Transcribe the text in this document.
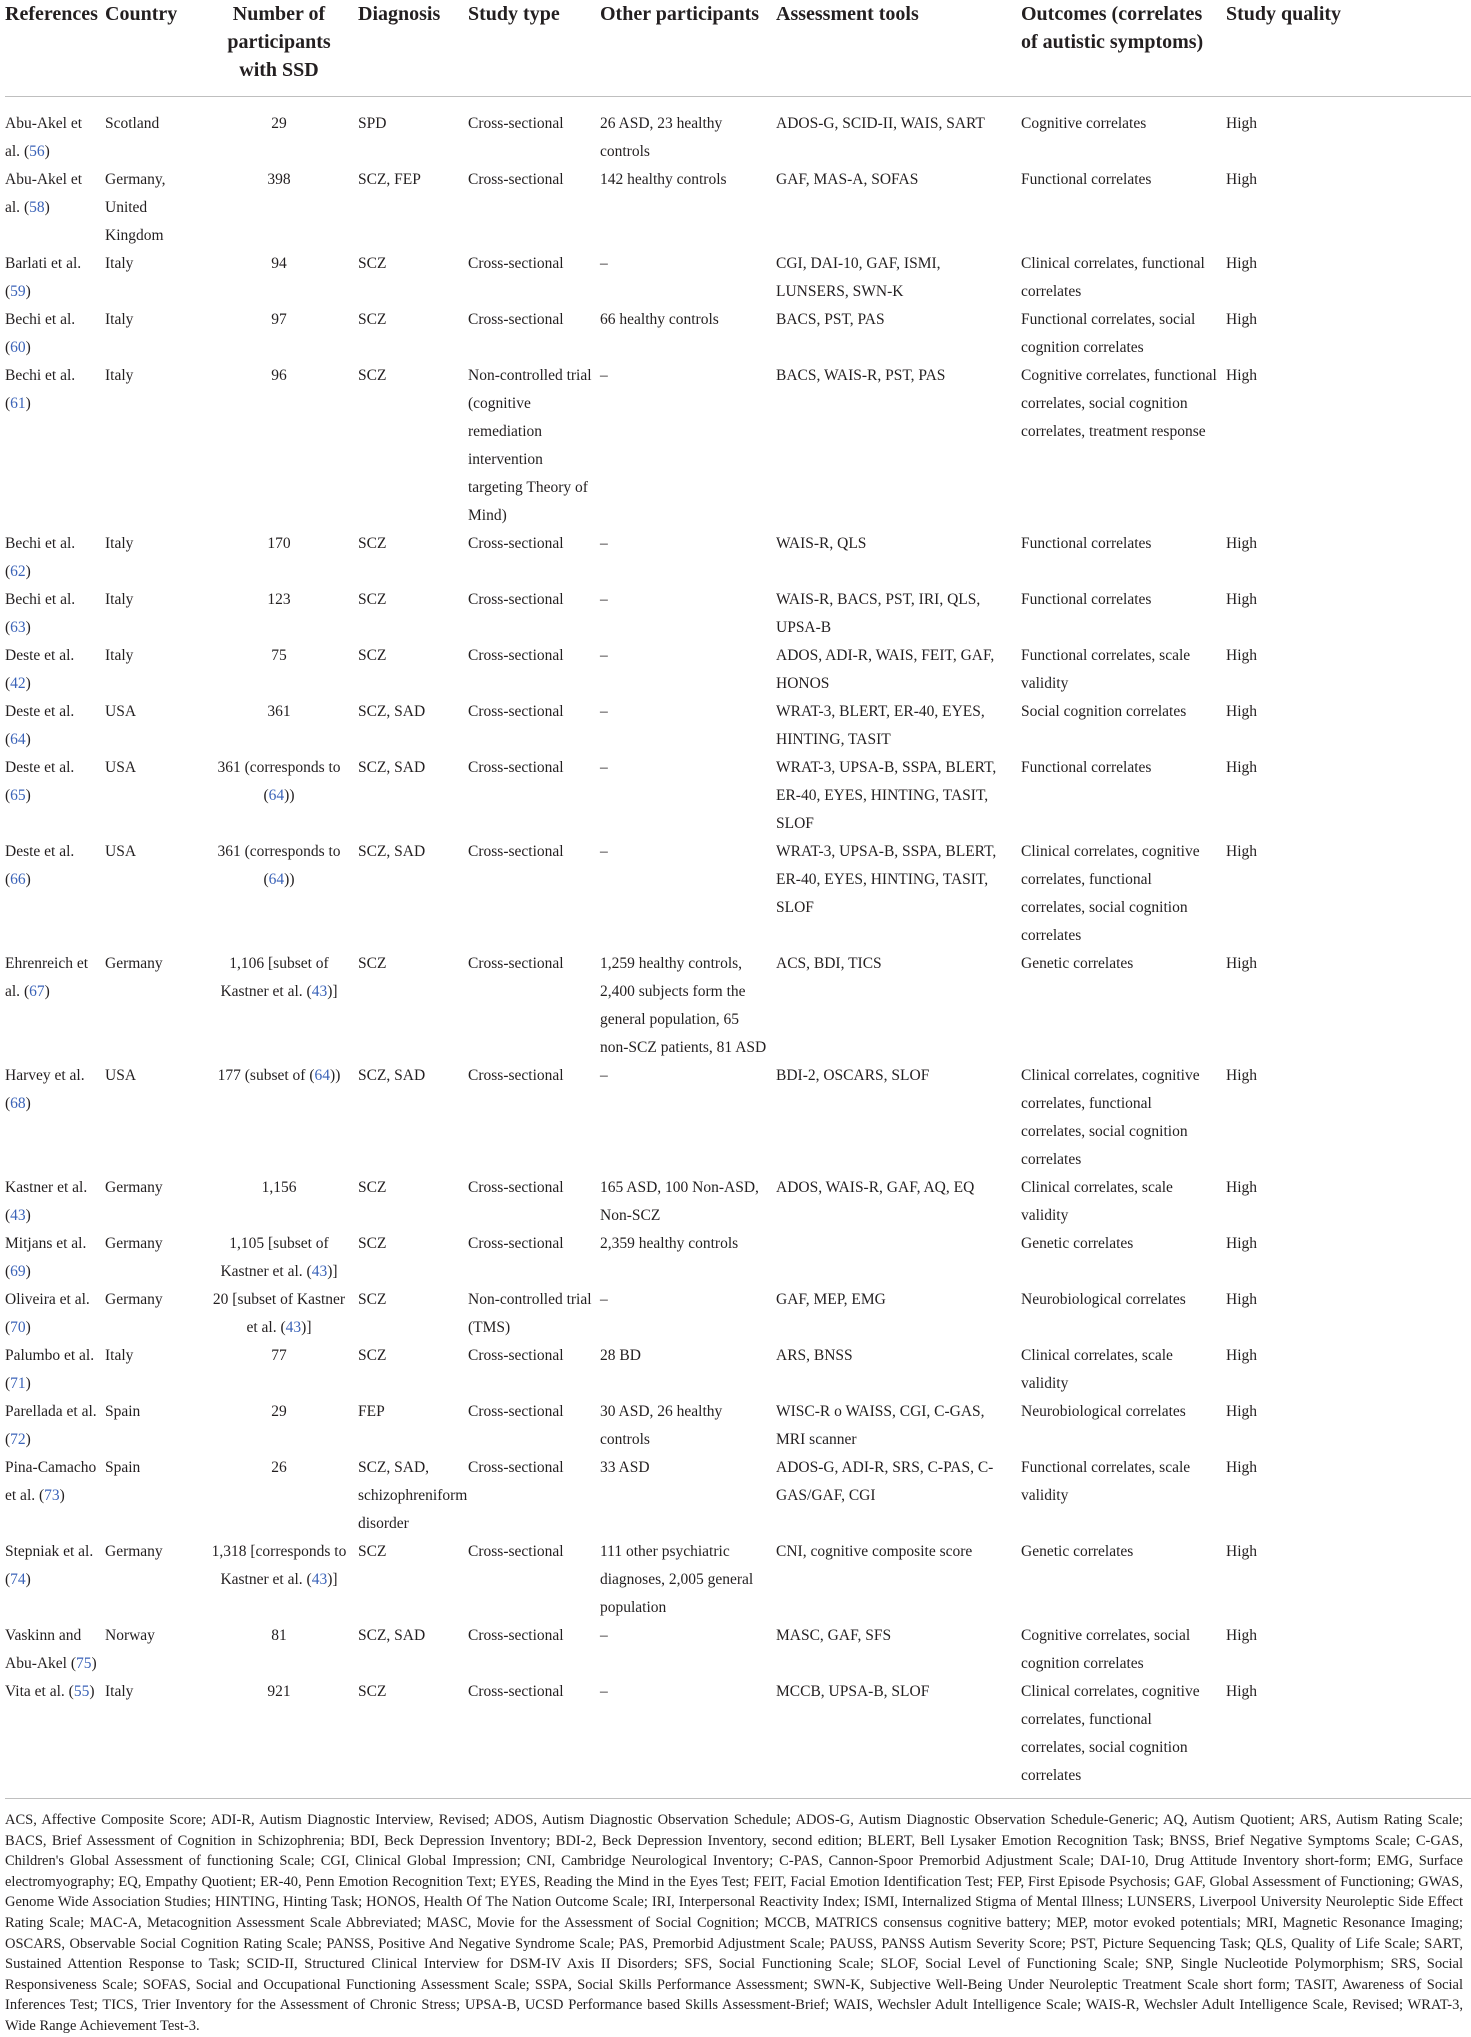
References	Country	Number of participants with SSD	Diagnosis	Study type	Other participants	Assessment tools	Outcomes (correlates of autistic symptoms)	Study quality
Abu-Akel et al. (56)	Scotland	29	SPD	Cross-sectional	26 ASD, 23 healthy controls	ADOS-G, SCID-II, WAIS, SART	Cognitive correlates	High
Abu-Akel et al. (58)	Germany, United Kingdom	398	SCZ, FEP	Cross-sectional	142 healthy controls	GAF, MAS-A, SOFAS	Functional correlates	High
Barlati et al. (59)	Italy	94	SCZ	Cross-sectional	–	CGI, DAI-10, GAF, ISMI, LUNSERS, SWN-K	Clinical correlates, functional correlates	High
Bechi et al. (60)	Italy	97	SCZ	Cross-sectional	66 healthy controls	BACS, PST, PAS	Functional correlates, social cognition correlates	High
Bechi et al. (61)	Italy	96	SCZ	Non-controlled trial (cognitive remediation intervention targeting Theory of Mind)	–	BACS, WAIS-R, PST, PAS	Cognitive correlates, functional correlates, social cognition correlates, treatment response	High
Bechi et al. (62)	Italy	170	SCZ	Cross-sectional	–	WAIS-R, QLS	Functional correlates	High
Bechi et al. (63)	Italy	123	SCZ	Cross-sectional	–	WAIS-R, BACS, PST, IRI, QLS, UPSA-B	Functional correlates	High
Deste et al. (42)	Italy	75	SCZ	Cross-sectional	–	ADOS, ADI-R, WAIS, FEIT, GAF, HONOS	Functional correlates, scale validity	High
Deste et al. (64)	USA	361	SCZ, SAD	Cross-sectional	–	WRAT-3, BLERT, ER-40, EYES, HINTING, TASIT	Social cognition correlates	High
Deste et al. (65)	USA	361 (corresponds to (64))	SCZ, SAD	Cross-sectional	–	WRAT-3, UPSA-B, SSPA, BLERT, ER-40, EYES, HINTING, TASIT, SLOF	Functional correlates	High
Deste et al. (66)	USA	361 (corresponds to (64))	SCZ, SAD	Cross-sectional	–	WRAT-3, UPSA-B, SSPA, BLERT, ER-40, EYES, HINTING, TASIT, SLOF	Clinical correlates, cognitive correlates, functional correlates, social cognition correlates	High
Ehrenreich et al. (67)	Germany	1,106 [subset of Kastner et al. (43)]	SCZ	Cross-sectional	1,259 healthy controls, 2,400 subjects form the general population, 65 non-SCZ patients, 81 ASD	ACS, BDI, TICS	Genetic correlates	High
Harvey et al. (68)	USA	177 (subset of (64))	SCZ, SAD	Cross-sectional	–	BDI-2, OSCARS, SLOF	Clinical correlates, cognitive correlates, functional correlates, social cognition correlates	High
Kastner et al. (43)	Germany	1,156	SCZ	Cross-sectional	165 ASD, 100 Non-ASD, Non-SCZ	ADOS, WAIS-R, GAF, AQ, EQ	Clinical correlates, scale validity	High
Mitjans et al. (69)	Germany	1,105 [subset of Kastner et al. (43)]	SCZ	Cross-sectional	2,359 healthy controls		Genetic correlates	High
Oliveira et al. (70)	Germany	20 [subset of Kastner et al. (43)]	SCZ	Non-controlled trial (TMS)	–	GAF, MEP, EMG	Neurobiological correlates	High
Palumbo et al. (71)	Italy	77	SCZ	Cross-sectional	28 BD	ARS, BNSS	Clinical correlates, scale validity	High
Parellada et al. (72)	Spain	29	FEP	Cross-sectional	30 ASD, 26 healthy controls	WISC-R o WAISS, CGI, C-GAS, MRI scanner	Neurobiological correlates	High
Pina-Camacho et al. (73)	Spain	26	SCZ, SAD, schizophreniform disorder	Cross-sectional	33 ASD	ADOS-G, ADI-R, SRS, C-PAS, C-GAS/GAF, CGI	Functional correlates, scale validity	High
Stepniak et al. (74)	Germany	1,318 [corresponds to Kastner et al. (43)]	SCZ	Cross-sectional	111 other psychiatric diagnoses, 2,005 general population	CNI, cognitive composite score	Genetic correlates	High
Vaskinn and Abu-Akel (75)	Norway	81	SCZ, SAD	Cross-sectional	–	MASC, GAF, SFS	Cognitive correlates, social cognition correlates	High
Vita et al. (55)	Italy	921	SCZ	Cross-sectional	–	MCCB, UPSA-B, SLOF	Clinical correlates, cognitive correlates, functional correlates, social cognition correlates	High
ACS, Affective Composite Score; ADI-R, Autism Diagnostic Interview, Revised; ADOS, Autism Diagnostic Observation Schedule; ADOS-G, Autism Diagnostic Observation Schedule-Generic; AQ, Autism Quotient; ARS, Autism Rating Scale; BACS, Brief Assessment of Cognition in Schizophrenia; BDI, Beck Depression Inventory; BDI-2, Beck Depression Inventory, second edition; BLERT, Bell Lysaker Emotion Recognition Task; BNSS, Brief Negative Symptoms Scale; C-GAS, Children's Global Assessment of functioning Scale; CGI, Clinical Global Impression; CNI, Cambridge Neurological Inventory; C-PAS, Cannon-Spoor Premorbid Adjustment Scale; DAI-10, Drug Attitude Inventory short-form; EMG, Surface electromyography; EQ, Empathy Quotient; ER-40, Penn Emotion Recognition Text; EYES, Reading the Mind in the Eyes Test; FEIT, Facial Emotion Identification Test; FEP, First Episode Psychosis; GAF, Global Assessment of Functioning; GWAS, Genome Wide Association Studies; HINTING, Hinting Task; HONOS, Health Of The Nation Outcome Scale; IRI, Interpersonal Reactivity Index; ISMI, Internalized Stigma of Mental Illness; LUNSERS, Liverpool University Neuroleptic Side Effect Rating Scale; MAC-A, Metacognition Assessment Scale Abbreviated; MASC, Movie for the Assessment of Social Cognition; MCCB, MATRICS consensus cognitive battery; MEP, motor evoked potentials; MRI, Magnetic Resonance Imaging; OSCARS, Observable Social Cognition Rating Scale; PANSS, Positive And Negative Syndrome Scale; PAS, Premorbid Adjustment Scale; PAUSS, PANSS Autism Severity Score; PST, Picture Sequencing Task; QLS, Quality of Life Scale; SART, Sustained Attention Response to Task; SCID-II, Structured Clinical Interview for DSM-IV Axis II Disorders; SFS, Social Functioning Scale; SLOF, Social Level of Functioning Scale; SNP, Single Nucleotide Polymorphism; SRS, Social Responsiveness Scale; SOFAS, Social and Occupational Functioning Assessment Scale; SSPA, Social Skills Performance Assessment; SWN-K, Subjective Well-Being Under Neuroleptic Treatment Scale short form; TASIT, Awareness of Social Inferences Test; TICS, Trier Inventory for the Assessment of Chronic Stress; UPSA-B, UCSD Performance based Skills Assessment-Brief; WAIS, Wechsler Adult Intelligence Scale; WAIS-R, Wechsler Adult Intelligence Scale, Revised; WRAT-3, Wide Range Achievement Test-3.
